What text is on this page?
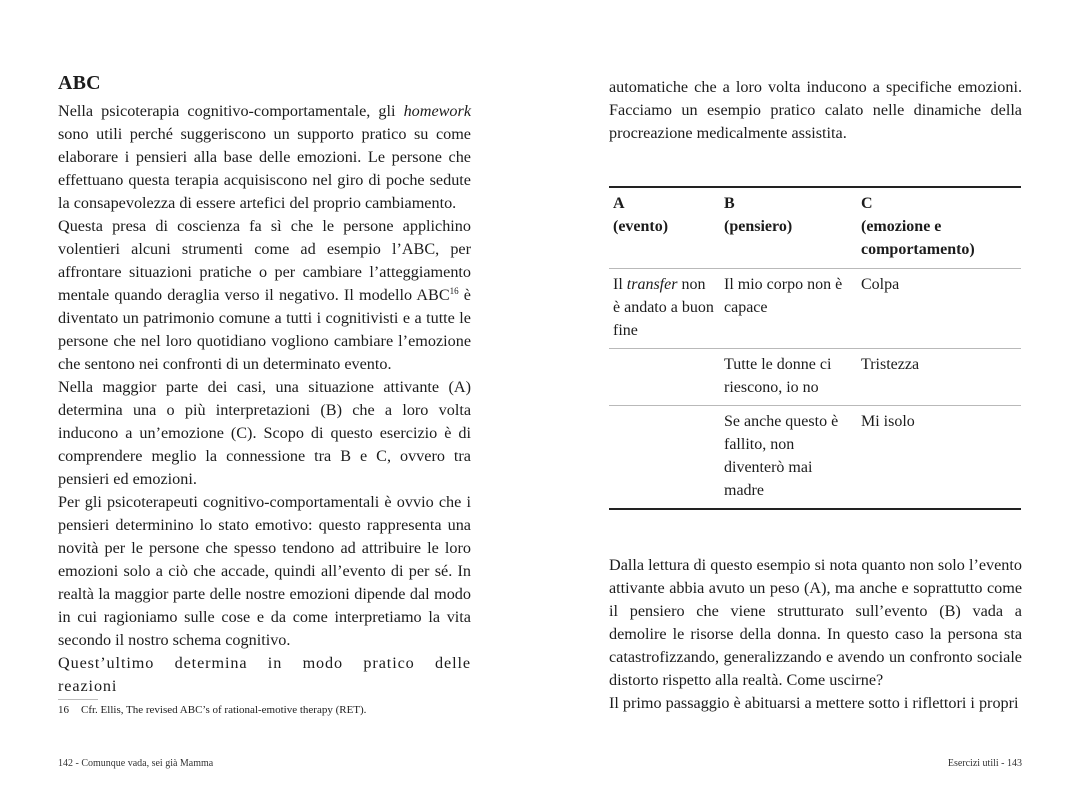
ABC

Nella psicoterapia cognitivo-comportamentale, gli homework sono utili perché suggeriscono un supporto pratico su come elaborare i pensieri alla base delle emozioni. Le persone che effettuano questa terapia acquisiscono nel giro di poche sedute la consapevolezza di essere artefici del proprio cambiamento.

Questa presa di coscienza fa sì che le persone applichino volentieri alcuni strumenti come ad esempio l’ABC, per affrontare situazioni pratiche o per cambiare l’atteggiamento mentale quando deraglia verso il negativo. Il modello ABC$^{16}$ è diventato un patrimonio comune a tutti i cognitivisti e a tutte le persone che nel loro quotidiano vogliono cambiare l’emozione che sentono nei confronti di un determinato evento.

Nella maggior parte dei casi, una situazione attivante (A) determina una o più interpretazioni (B) che a loro volta inducono a un’emozione (C). Scopo di questo esercizio è di comprendere meglio la connessione tra B e C, ovvero tra pensieri ed emozioni.

Per gli psicoterapeuti cognitivo-comportamentali è ovvio che i pensieri determinino lo stato emotivo: questo rappresenta una novità per le persone che spesso tendono ad attribuire le loro emozioni solo a ciò che accade, quindi all’evento di per sé. In realtà la maggior parte delle nostre emozioni dipende dal modo in cui ragioniamo sulle cose e da come interpretiamo la vita secondo il nostro schema cognitivo.

Quest’ultimo determina in modo pratico delle reazioni

16 Cfr. Ellis, The revised ABC’s of rational-emotive therapy (RET).
142 - Comunque vada, sei già Mamma

automatiche che a loro volta inducono a specifiche emozioni. Facciamo un esempio pratico calato nelle dinamiche della procreazione medicalmente assistita.

A
(evento)
B
(pensiero)
C
(emozione e comportamento)
Il transfer non è andato a buon fine
Il mio corpo non è capace
Colpa
Tutte le donne ci riescono, io no
Tristezza
Se anche questo è fallito, non diventerò mai madre
Mi isolo

Dalla lettura di questo esempio si nota quanto non solo l’evento attivante abbia avuto un peso (A), ma anche e soprattutto come il pensiero che viene strutturato sull’evento (B) vada a demolire le risorse della donna. In questo caso la persona sta catastrofizzando, generalizzando e avendo un confronto sociale distorto rispetto alla realtà. Come uscirne?

Il primo passaggio è abituarsi a mettere sotto i riflettori i propri

Esercizi utili - 143
